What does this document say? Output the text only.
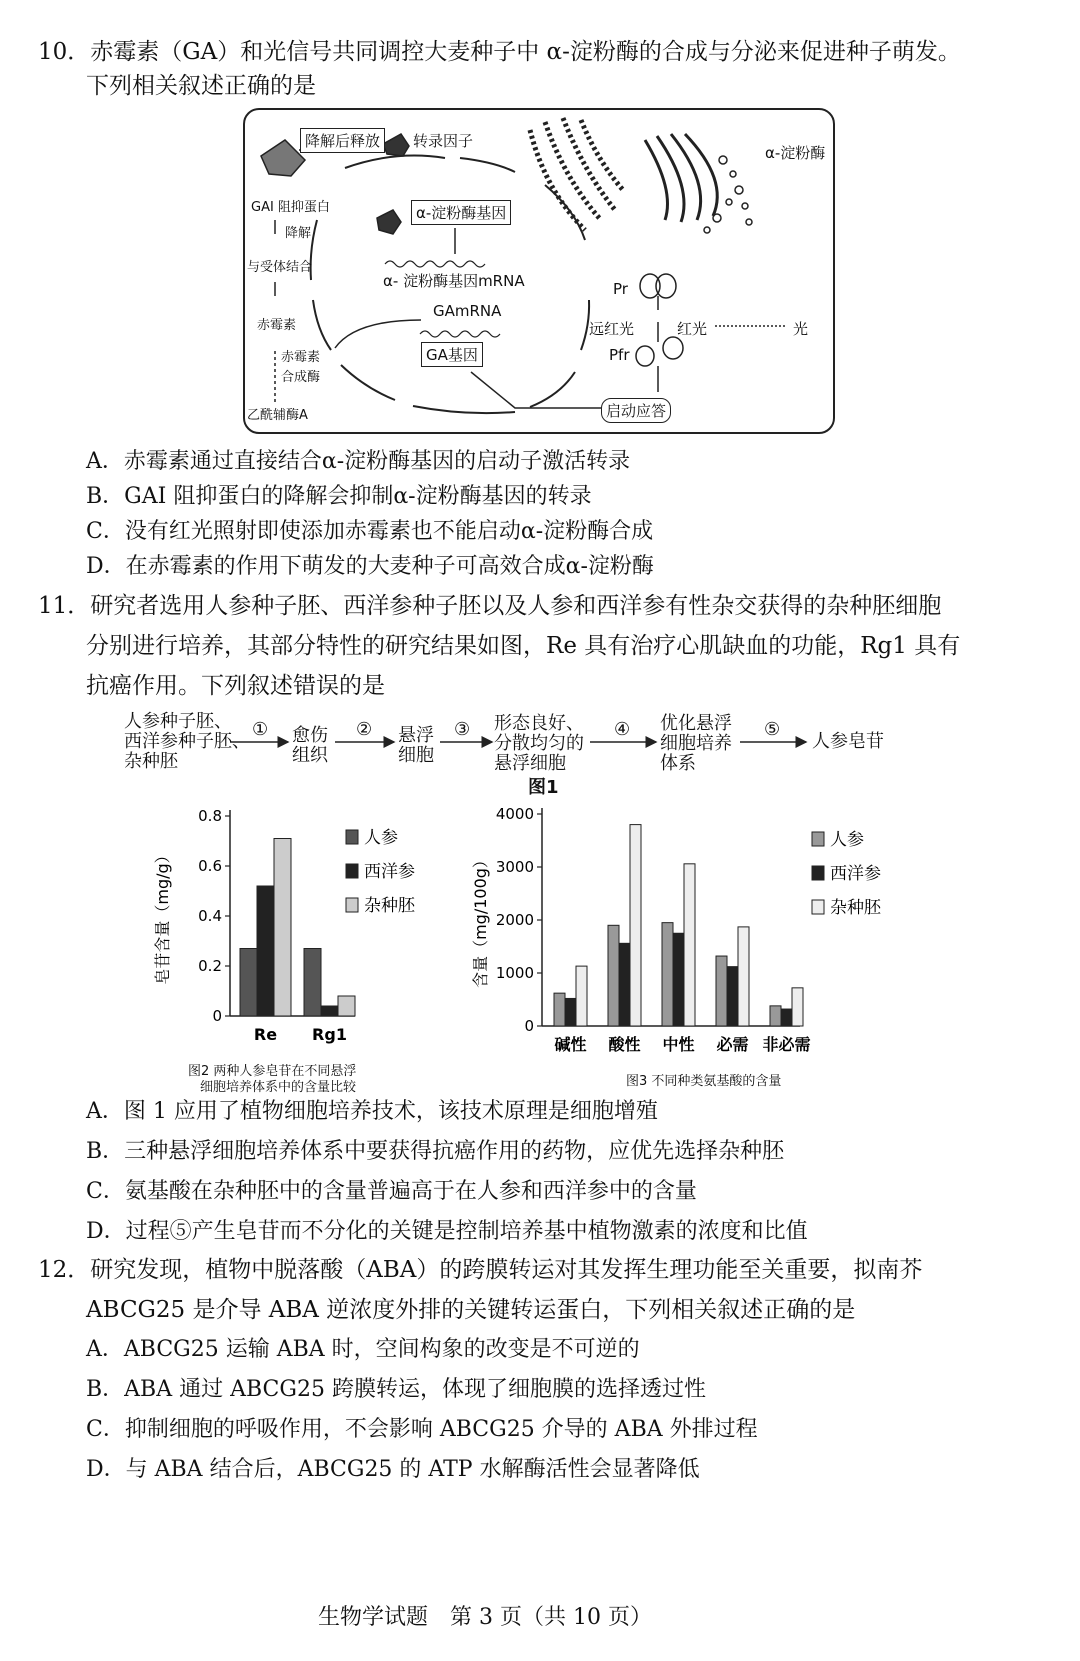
10．赤霉素（GA）和光信号共同调控大麦种子中 α-淀粉酶的合成与分泌来促进种子萌发。
下列相关叙述正确的是
降解后释放	转录因子
GAI 阻抑蛋白
降解
与受体结合
赤霉素
赤霉素
合成酶
乙酰辅酶A
α-淀粉酶基因
α- 淀粉酶基因mRNA
GAmRNA
GA基因
α-淀粉酶
Pr
远红光	红光	光
Pfr
启动应答
A．赤霉素通过直接结合α-淀粉酶基因的启动子激活转录
B．GAI 阻抑蛋白的降解会抑制α-淀粉酶基因的转录
C．没有红光照射即使添加赤霉素也不能启动α-淀粉酶合成
D．在赤霉素的作用下萌发的大麦种子可高效合成α-淀粉酶
11．研究者选用人参种子胚、西洋参种子胚以及人参和西洋参有性杂交获得的杂种胚细胞
分别进行培养，其部分特性的研究结果如图，Re 具有治疗心肌缺血的功能，Rg1 具有
抗癌作用。下列叙述错误的是
人参种子胚、
西洋参种子胚、
杂种胚
① 愈伤
组织
② 悬浮
细胞
③ 形态良好、
分散均匀的
悬浮细胞
④ 优化悬浮
细胞培养
体系
⑤
人参皂苷
图1
0
0.2
0.4
0.6
0.8
皂苷含量（mg/g）
Re Rg1
人参
西洋参
杂种胚
图2 两种人参皂苷在不同悬浮
细胞培养体系中的含量比较
0
1000
2000
3000
4000
含量（mg/100g）
碱性 酸性 中性 必需 非必需
人参
西洋参
杂种胚
图3 不同种类氨基酸的含量
A．图 1 应用了植物细胞培养技术，该技术原理是细胞增殖
B．三种悬浮细胞培养体系中要获得抗癌作用的药物，应优先选择杂种胚
C．氨基酸在杂种胚中的含量普遍高于在人参和西洋参中的含量
D．过程⑤产生皂苷而不分化的关键是控制培养基中植物激素的浓度和比值
12．研究发现，植物中脱落酸（ABA）的跨膜转运对其发挥生理功能至关重要，拟南芥
ABCG25 是介导 ABA 逆浓度外排的关键转运蛋白，下列相关叙述正确的是
A．ABCG25 运输 ABA 时，空间构象的改变是不可逆的
B．ABA 通过 ABCG25 跨膜转运，体现了细胞膜的选择透过性
C．抑制细胞的呼吸作用，不会影响 ABCG25 介导的 ABA 外排过程
D．与 ABA 结合后，ABCG25 的 ATP 水解酶活性会显著降低
生物学试题　第 3 页（共 10 页）
